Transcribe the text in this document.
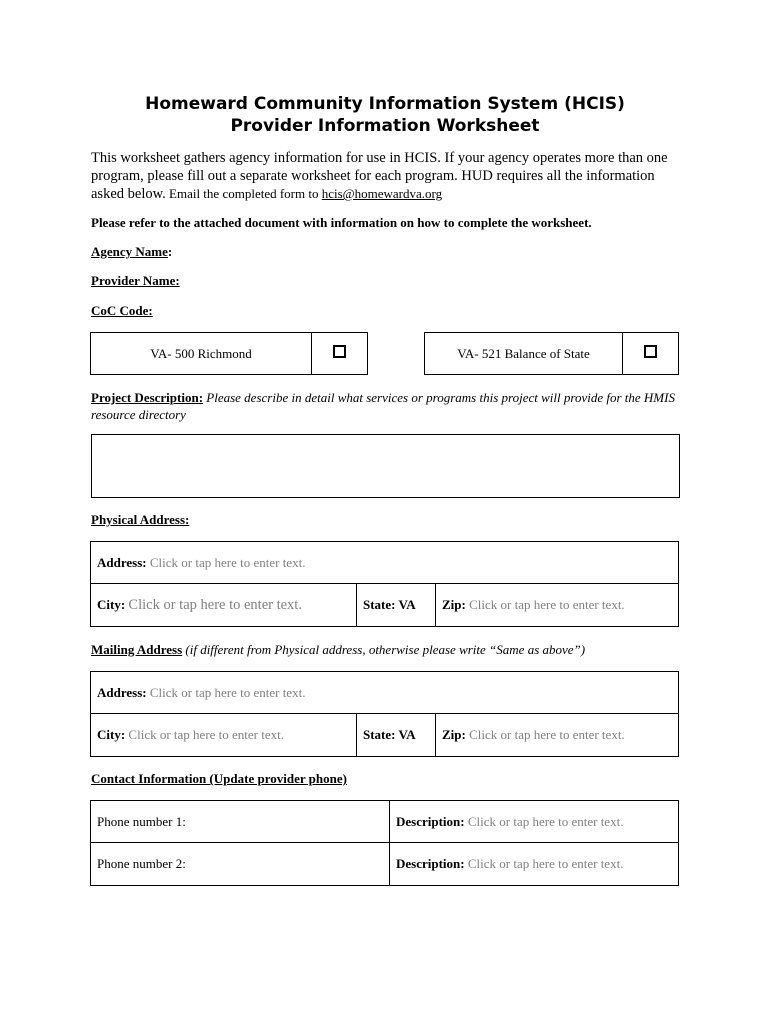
Homeward Community Information System (HCIS)
Provider Information Worksheet
This worksheet gathers agency information for use in HCIS. If your agency operates more than one program, please fill out a separate worksheet for each program. HUD requires all the information asked below. Email the completed form to hcis@homewardva.org
Please refer to the attached document with information on how to complete the worksheet.
Agency Name:
Provider Name:
CoC Code:
VA- 500 Richmond		VA- 521 Balance of State	
Project Description: Please describe in detail what services or programs this project will provide for the HMIS resource directory
Physical Address:
Address: Click or tap here to enter text.
City: Click or tap here to enter text.	State: VA	Zip: Click or tap here to enter text.
Mailing Address (if different from Physical address, otherwise please write “Same as above”)
Address: Click or tap here to enter text.
City: Click or tap here to enter text.	State: VA	Zip: Click or tap here to enter text.
Contact Information (Update provider phone)
Phone number 1:	Description: Click or tap here to enter text.
Phone number 2:	Description: Click or tap here to enter text.
